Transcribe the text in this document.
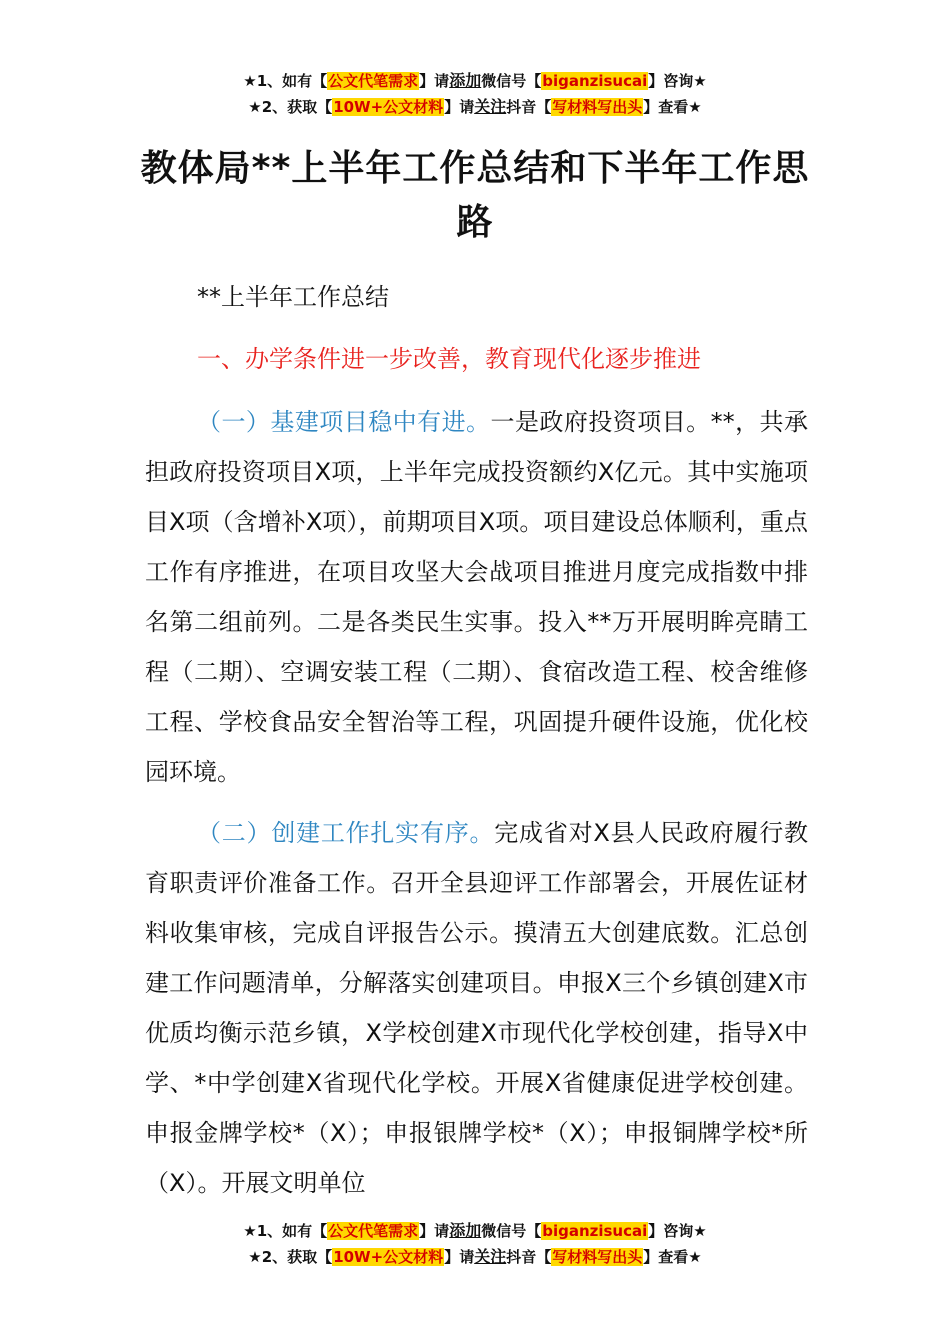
★1、如有【公文代笔需求】请添加微信号【biganzisucai】咨询★
★2、获取【10W+公文材料】请关注抖音【写材料写出头】查看★
教体局**上半年工作总结和下半年工作思路
**上半年工作总结
一、办学条件进一步改善，教育现代化逐步推进
（一）基建项目稳中有进。一是政府投资项目。**，共承担政府投资项目X项，上半年完成投资额约X亿元。其中实施项目X项（含增补X项），前期项目X项。项目建设总体顺利，重点工作有序推进，在项目攻坚大会战项目推进月度完成指数中排名第二组前列。二是各类民生实事。投入**万开展明眸亮睛工程（二期）、空调安装工程（二期）、食宿改造工程、校舍维修工程、学校食品安全智治等工程，巩固提升硬件设施，优化校园环境。
（二）创建工作扎实有序。完成省对X县人民政府履行教育职责评价准备工作。召开全县迎评工作部署会，开展佐证材料收集审核，完成自评报告公示。摸清五大创建底数。汇总创建工作问题清单，分解落实创建项目。申报X三个乡镇创建X市优质均衡示范乡镇，X学校创建X市现代化学校创建，指导X中学、*中学创建X省现代化学校。开展X省健康促进学校创建。申报金牌学校*（X）；申报银牌学校*（X）；申报铜牌学校*所（X）。开展文明单位
★1、如有【公文代笔需求】请添加微信号【biganzisucai】咨询★
★2、获取【10W+公文材料】请关注抖音【写材料写出头】查看★
